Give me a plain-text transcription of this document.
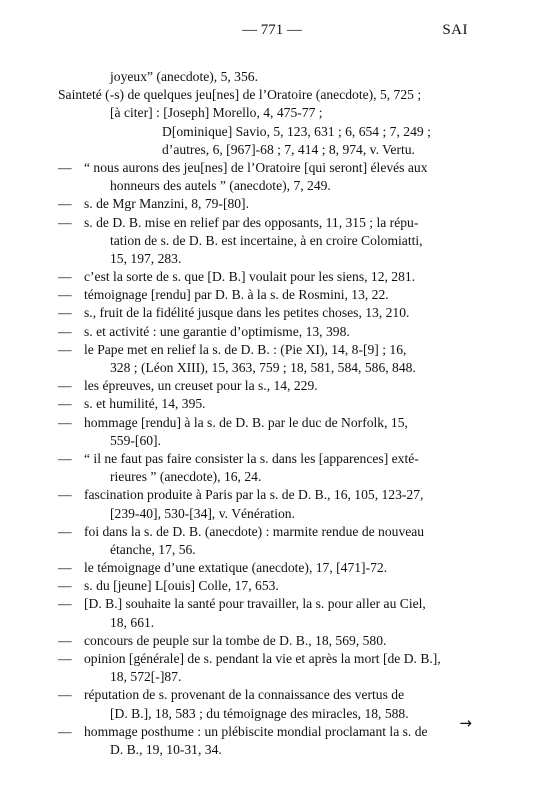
— 771 —	SAI
joyeux” (anecdote), 5, 356.
Sainteté (-s) de quelques jeu[nes] de l’Oratoire (anecdote), 5, 725 ;
[à citer] : [Joseph] Morello, 4, 475-77 ;
D[ominique] Savio, 5, 123, 631 ; 6, 654 ; 7, 249 ;
d’autres, 6, [967]-68 ; 7, 414 ; 8, 974, v. Vertu.
— “ nous aurons des jeu[nes] de l’Oratoire [qui seront] élevés aux
honneurs des autels ” (anecdote), 7, 249.
— s. de Mgr Manzini, 8, 79-[80].
— s. de D. B. mise en relief par des opposants, 11, 315 ; la répu-
tation de s. de D. B. est incertaine, à en croire Colomiatti,
15, 197, 283.
— c’est la sorte de s. que [D. B.] voulait pour les siens, 12, 281.
— témoignage [rendu] par D. B. à la s. de Rosmini, 13, 22.
— s., fruit de la fidélité jusque dans les petites choses, 13, 210.
— s. et activité : une garantie d’optimisme, 13, 398.
— le Pape met en relief la s. de D. B. : (Pie XI), 14, 8-[9] ; 16,
328 ; (Léon XIII), 15, 363, 759 ; 18, 581, 584, 586, 848.
— les épreuves, un creuset pour la s., 14, 229.
— s. et humilité, 14, 395.
— hommage [rendu] à la s. de D. B. par le duc de Norfolk, 15,
559-[60].
— “ il ne faut pas faire consister la s. dans les [apparences] exté-
rieures ” (anecdote), 16, 24.
— fascination produite à Paris par la s. de D. B., 16, 105, 123-27,
[239-40], 530-[34], v. Vénération.
— foi dans la s. de D. B. (anecdote) : marmite rendue de nouveau
étanche, 17, 56.
— le témoignage d’une extatique (anecdote), 17, [471]-72.
— s. du [jeune] L[ouis] Colle, 17, 653.
— [D. B.] souhaite la santé pour travailler, la s. pour aller au Ciel,
18, 661.
— concours de peuple sur la tombe de D. B., 18, 569, 580.
— opinion [générale] de s. pendant la vie et après la mort [de D. B.],
18, 572[-]87.
— réputation de s. provenant de la connaissance des vertus de
[D. B.], 18, 583 ; du témoignage des miracles, 18, 588.
— hommage posthume : un plébiscite mondial proclamant la s. de
D. B., 19, 10-31, 34.
→
